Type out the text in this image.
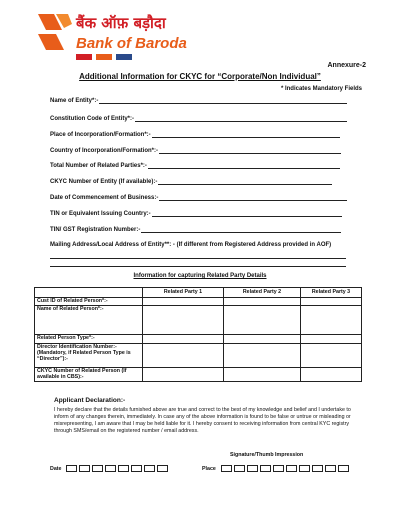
बैंक ऑफ़ बड़ौदा
Bank of Baroda
Annexure-2
Additional Information for CKYC for “Corporate/Non Individual”
* Indicates Mandatory Fields
Name of Entity*:-
Constitution Code of Entity*:-
Place of Incorporation/Formation*:-
Country of Incorporation/Formation*:-
Total Number of Related Parties*:-
CKYC Number of Entity (If available):-
Date of Commencement of Business:-
TIN or Equivalent Issuing Country:-
TIN/ GST Registration Number:-
Mailing Address/Local Address of Entity**: - (If different from Registered Address provided in AOF)
Information for capturing Related Party Details
	Related Party 1	Related Party 2	Related Party 3
Cust ID of Related Person*:-			
Name of Related Person*:-			
Related Person Type*:-			
Director Identification Number:- (Mandatory, if Related Person Type is “Director”):-			
CKYC Number of Related Person (If available in CBS):-			
Applicant Declaration:-
I hereby declare that the details furnished above are true and correct to the best of my knowledge and belief and I undertake to inform of any changes therein, immediately. In case any of the above information is found to be false or untrue or misleading or misrepresenting, I am aware that I may be held liable for it. I hereby consent to receiving information from central KYC registry through SMS/email on the registered number / email address.
Signature/Thumb Impression
Date	Place
